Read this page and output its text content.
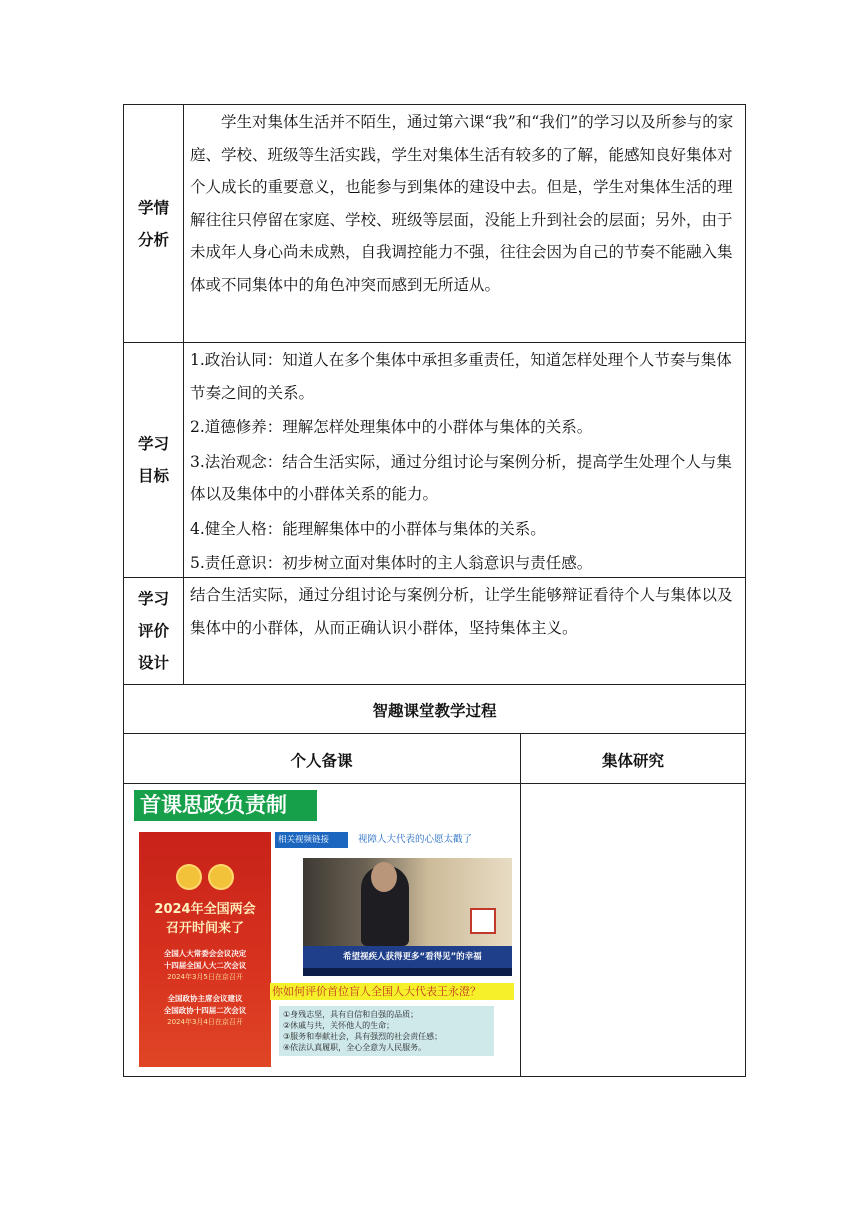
学情
分析
学生对集体生活并不陌生，通过第六课“我”和“我们”的学习以及所参与的家庭、学校、班级等生活实践，学生对集体生活有较多的了解，能感知良好集体对个人成长的重要意义，也能参与到集体的建设中去。但是，学生对集体生活的理解往往只停留在家庭、学校、班级等层面，没能上升到社会的层面；另外，由于未成年人身心尚未成熟，自我调控能力不强，往往会因为自己的节奏不能融入集体或不同集体中的角色冲突而感到无所适从。
学习
目标

1.政治认同：知道人在多个集体中承担多重责任，知道怎样处理个人节奏与集体节奏之间的关系。

2.道德修养：理解怎样处理集体中的小群体与集体的关系。

3.法治观念：结合生活实际，通过分组讨论与案例分析，提高学生处理个人与集体以及集体中的小群体关系的能力。

4.健全人格：能理解集体中的小群体与集体的关系。

5.责任意识：初步树立面对集体时的主人翁意识与责任感。

学习
评价
设计
结合生活实际，通过分组讨论与案例分析，让学生能够辩证看待个人与集体以及集体中的小群体，从而正确认识小群体，坚持集体主义。
智趣课堂教学过程
个人备课	集体研究
首课思政负责制
2024年全国两会
召开时间来了
全国人大常委会会议决定
十四届全国人大二次会议
2024年3月5日在京召开
全国政协主席会议建议
全国政协十四届二次会议
2024年3月4日在京召开
相关视频链接	视障人大代表的心愿太戳了
希望视疾人获得更多“看得见”的幸福
你如何评价首位盲人全国人大代表王永澄？
①身残志坚，具有自信和自强的品质；
②休戚与共，关怀他人的生命；
③服务和奉献社会，具有强烈的社会责任感；
④依法认真履职，全心全意为人民服务。
